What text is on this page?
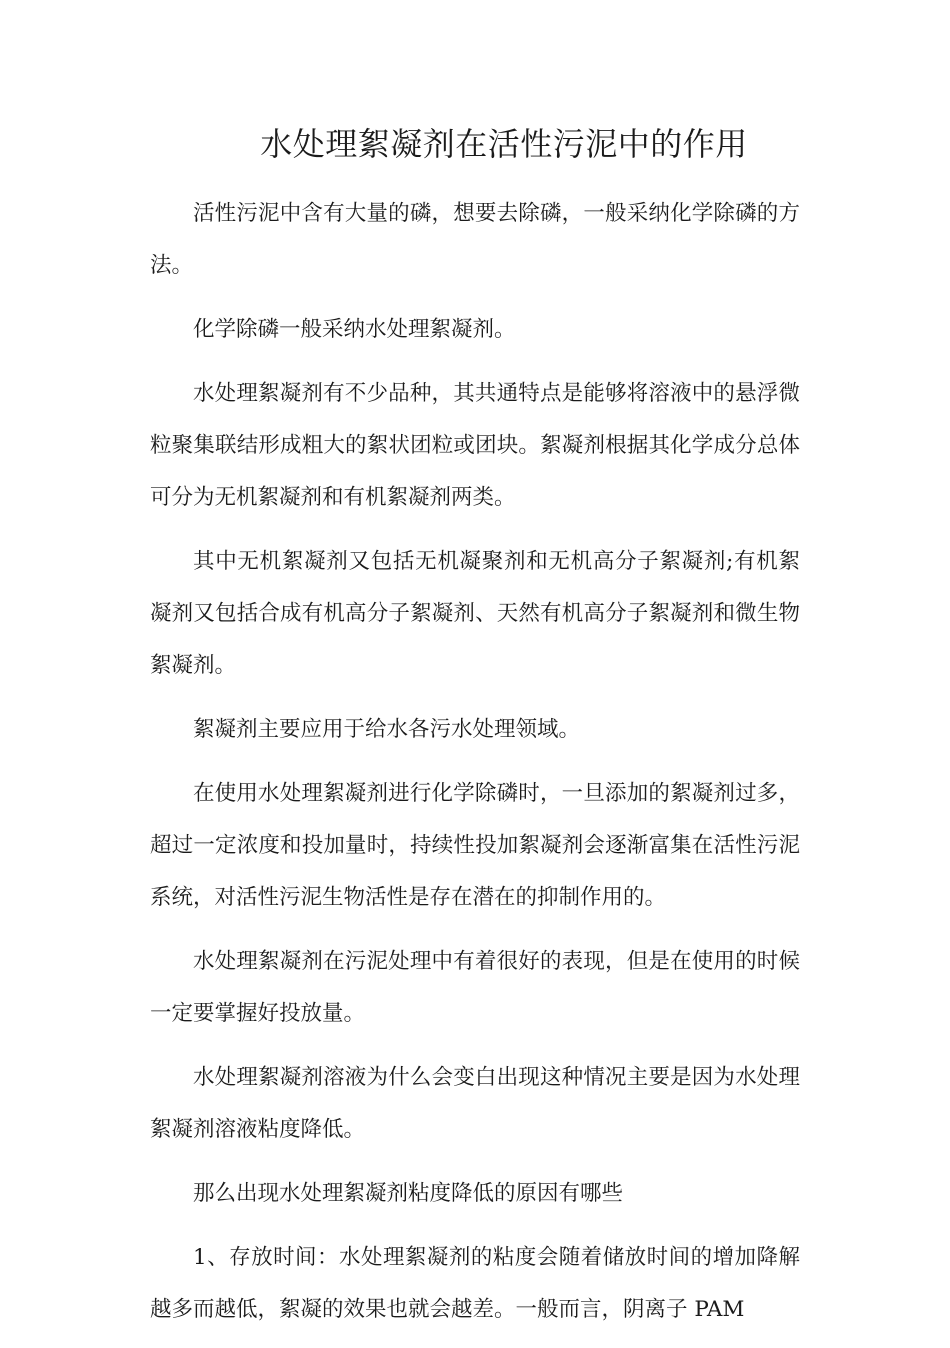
水处理絮凝剂在活性污泥中的作用

活性污泥中含有大量的磷，想要去除磷，一般采纳化学除磷的方法。

化学除磷一般采纳水处理絮凝剂。

水处理絮凝剂有不少品种，其共通特点是能够将溶液中的悬浮微粒聚集联结形成粗大的絮状团粒或团块。絮凝剂根据其化学成分总体可分为无机絮凝剂和有机絮凝剂两类。

其中无机絮凝剂又包括无机凝聚剂和无机高分子絮凝剂;有机絮凝剂又包括合成有机高分子絮凝剂、天然有机高分子絮凝剂和微生物絮凝剂。

絮凝剂主要应用于给水各污水处理领域。

在使用水处理絮凝剂进行化学除磷时，一旦添加的絮凝剂过多，超过一定浓度和投加量时，持续性投加絮凝剂会逐渐富集在活性污泥系统，对活性污泥生物活性是存在潜在的抑制作用的。

水处理絮凝剂在污泥处理中有着很好的表现，但是在使用的时候一定要掌握好投放量。

水处理絮凝剂溶液为什么会变白出现这种情况主要是因为水处理絮凝剂溶液粘度降低。

那么出现水处理絮凝剂粘度降低的原因有哪些

1、存放时间：水处理絮凝剂的粘度会随着储放时间的增加降解越多而越低，絮凝的效果也就会越差。一般而言，阴离子 PAM
